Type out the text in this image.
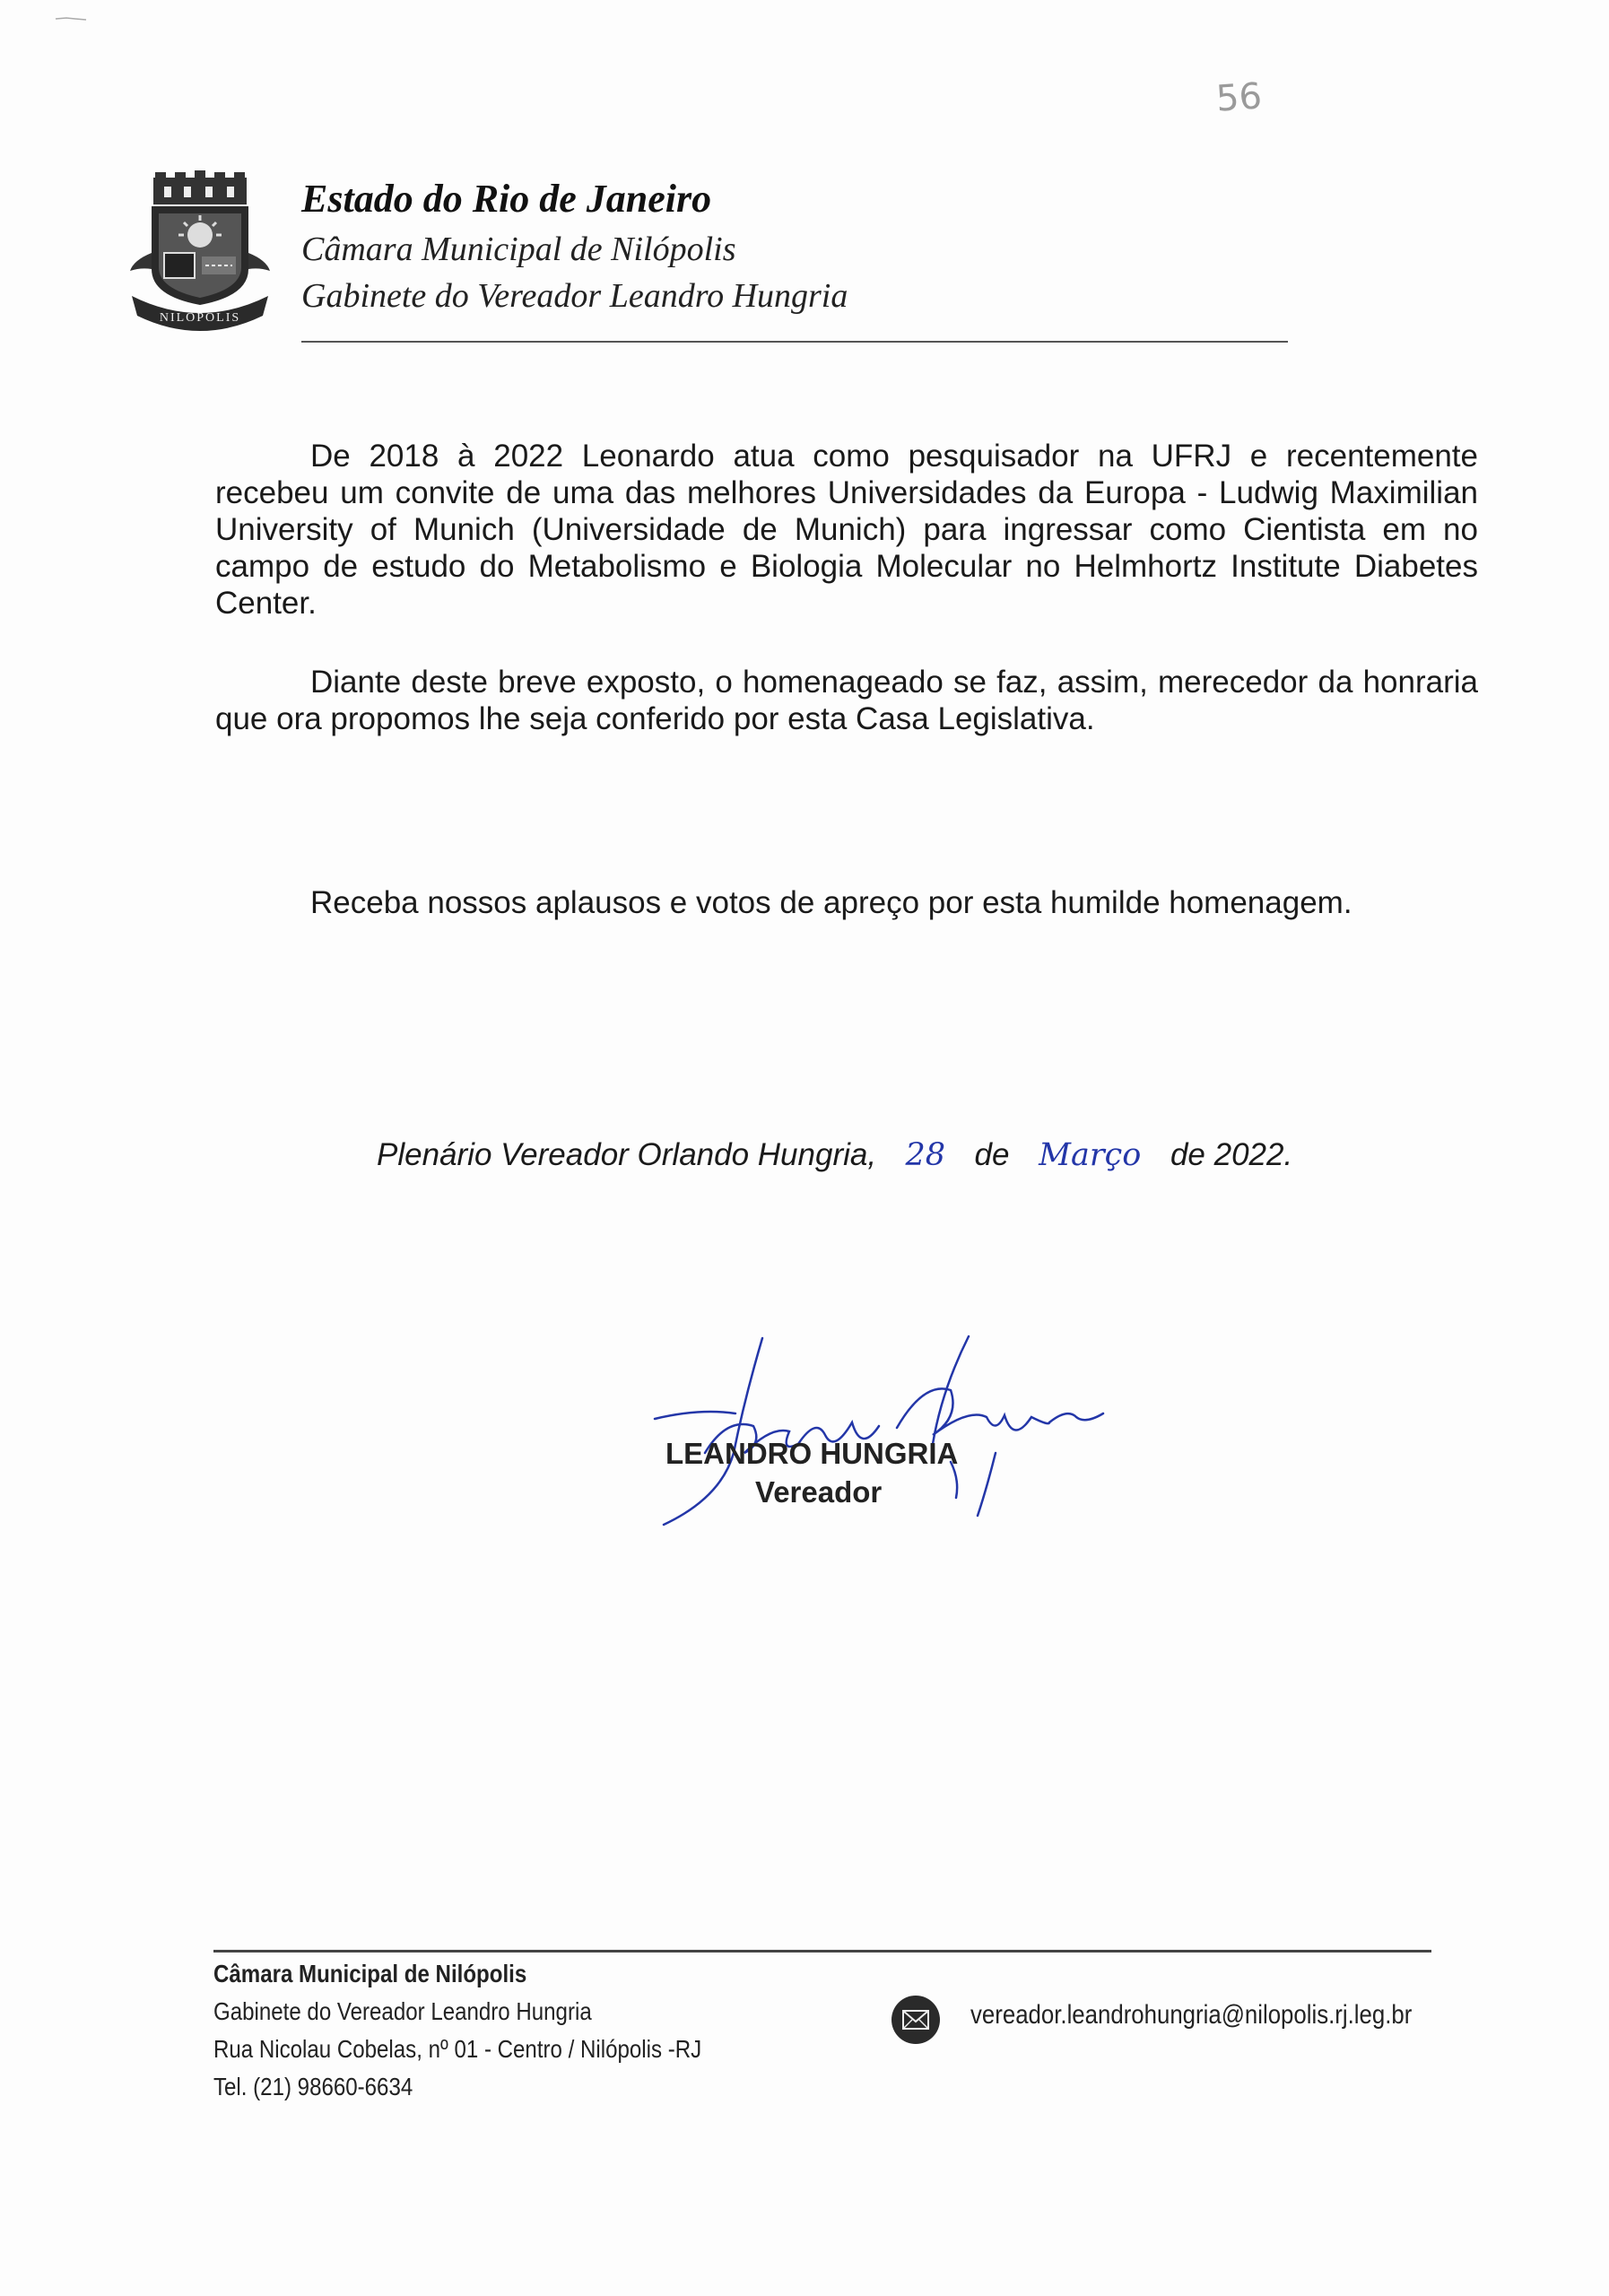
56
NILOPOLIS
Estado do Rio de Janeiro
Câmara Municipal de Nilópolis
Gabinete do Vereador Leandro Hungria
De 2018 à 2022 Leonardo atua como pesquisador na UFRJ e recentemente recebeu um convite de uma das melhores Universidades da Europa - Ludwig Maximilian University of Munich (Universidade de Munich) para ingressar como Cientista em no campo de estudo do Metabolismo e Biologia Molecular no Helmhortz Institute Diabetes Center.
Diante deste breve exposto, o homenageado se faz, assim, merecedor da honraria que ora propomos lhe seja conferido por esta Casa Legislativa.
Receba nossos aplausos e votos de apreço por esta humilde homenagem.
Plenário Vereador Orlando Hungria, 28 de Março de 2022.
LEANDRO HUNGRIA
Vereador
Câmara Municipal de Nilópolis
Gabinete do Vereador Leandro Hungria
Rua Nicolau Cobelas, nº 01 - Centro / Nilópolis -RJ
Tel. (21) 98660-6634
vereador.leandrohungria@nilopolis.rj.leg.br
